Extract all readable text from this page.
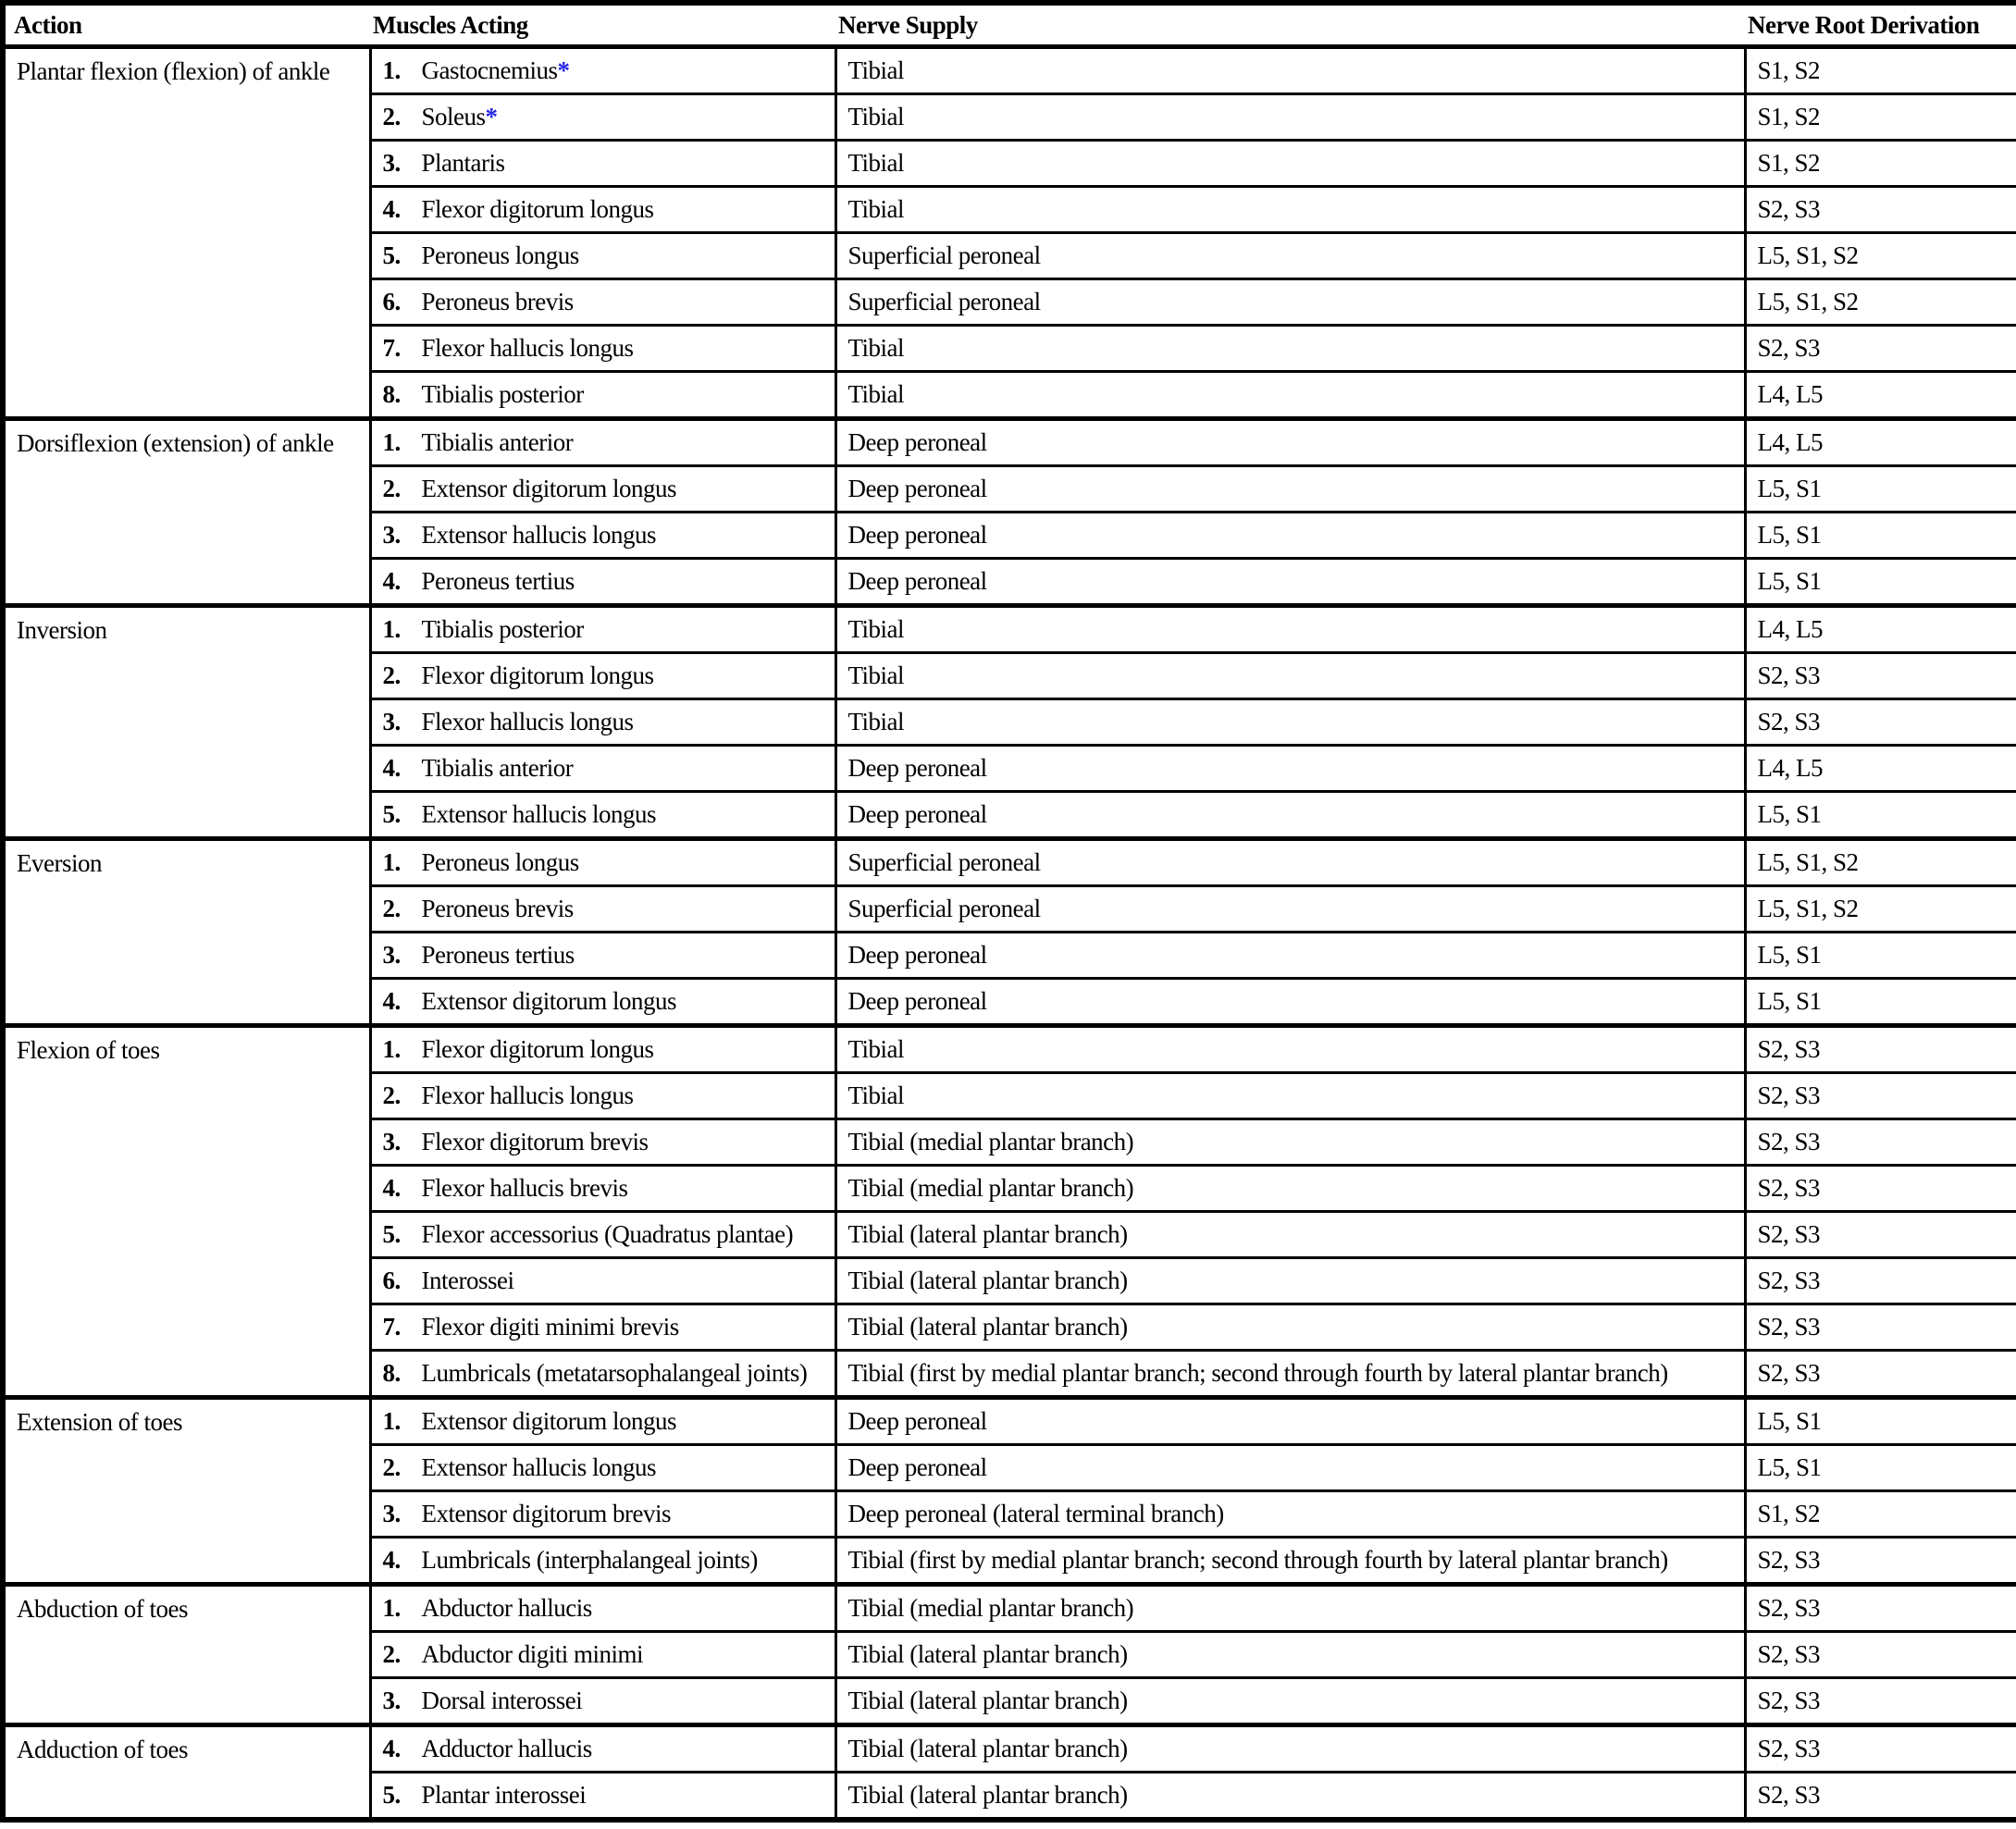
Action	Muscles Acting	Nerve Supply	Nerve Root Derivation
Plantar flexion (flexion) of ankle	1. Gastocnemius*	Tibial	S1, S2
	2. Soleus*	Tibial	S1, S2
	3. Plantaris	Tibial	S1, S2
	4. Flexor digitorum longus	Tibial	S2, S3
	5. Peroneus longus	Superficial peroneal	L5, S1, S2
	6. Peroneus brevis	Superficial peroneal	L5, S1, S2
	7. Flexor hallucis longus	Tibial	S2, S3
	8. Tibialis posterior	Tibial	L4, L5
Dorsiflexion (extension) of ankle	1. Tibialis anterior	Deep peroneal	L4, L5
	2. Extensor digitorum longus	Deep peroneal	L5, S1
	3. Extensor hallucis longus	Deep peroneal	L5, S1
	4. Peroneus tertius	Deep peroneal	L5, S1
Inversion	1. Tibialis posterior	Tibial	L4, L5
	2. Flexor digitorum longus	Tibial	S2, S3
	3. Flexor hallucis longus	Tibial	S2, S3
	4. Tibialis anterior	Deep peroneal	L4, L5
	5. Extensor hallucis longus	Deep peroneal	L5, S1
Eversion	1. Peroneus longus	Superficial peroneal	L5, S1, S2
	2. Peroneus brevis	Superficial peroneal	L5, S1, S2
	3. Peroneus tertius	Deep peroneal	L5, S1
	4. Extensor digitorum longus	Deep peroneal	L5, S1
Flexion of toes	1. Flexor digitorum longus	Tibial	S2, S3
	2. Flexor hallucis longus	Tibial	S2, S3
	3. Flexor digitorum brevis	Tibial (medial plantar branch)	S2, S3
	4. Flexor hallucis brevis	Tibial (medial plantar branch)	S2, S3
	5. Flexor accessorius (Quadratus plantae)	Tibial (lateral plantar branch)	S2, S3
	6. Interossei	Tibial (lateral plantar branch)	S2, S3
	7. Flexor digiti minimi brevis	Tibial (lateral plantar branch)	S2, S3
	8. Lumbricals (metatarsophalangeal joints)	Tibial (first by medial plantar branch; second through fourth by lateral plantar branch)	S2, S3
Extension of toes	1. Extensor digitorum longus	Deep peroneal	L5, S1
	2. Extensor hallucis longus	Deep peroneal	L5, S1
	3. Extensor digitorum brevis	Deep peroneal (lateral terminal branch)	S1, S2
	4. Lumbricals (interphalangeal joints)	Tibial (first by medial plantar branch; second through fourth by lateral plantar branch)	S2, S3
Abduction of toes	1. Abductor hallucis	Tibial (medial plantar branch)	S2, S3
	2. Abductor digiti minimi	Tibial (lateral plantar branch)	S2, S3
	3. Dorsal interossei	Tibial (lateral plantar branch)	S2, S3
Adduction of toes	4. Adductor hallucis	Tibial (lateral plantar branch)	S2, S3
	5. Plantar interossei	Tibial (lateral plantar branch)	S2, S3
